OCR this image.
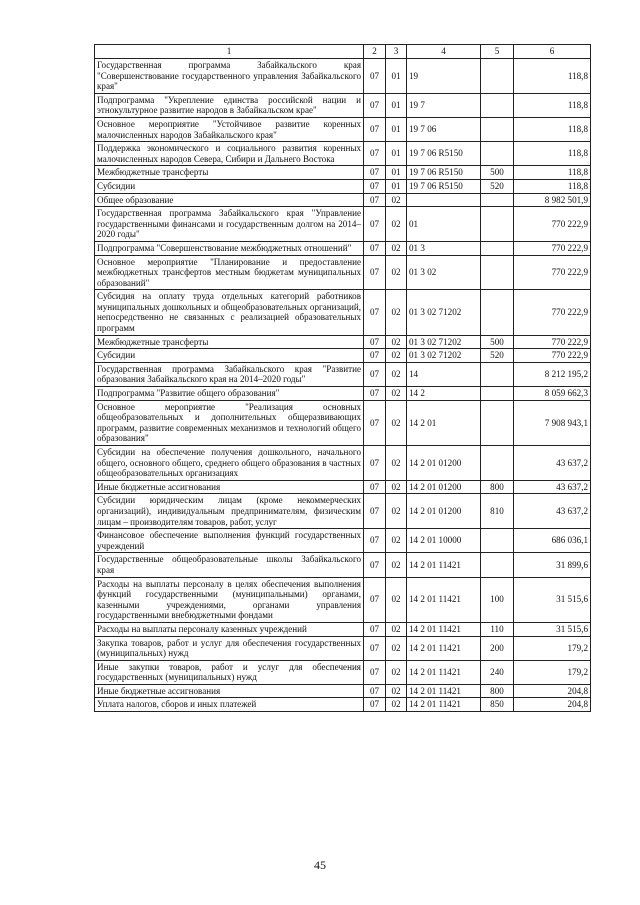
1	2	3	4	5	6
Государственная программа Забайкальского края "Совершенствование государственного управления Забайкальского края"	07	01	19		118,8
Подпрограмма "Укрепление единства российской нации и этнокультурное развитие народов в Забайкальском крае"	07	01	19 7		118,8
Основное мероприятие "Устойчивое развитие коренных малочисленных народов Забайкальского края"	07	01	19 7 06		118,8
Поддержка экономического и социального развития коренных малочисленных народов Севера, Сибири и Дальнего Востока	07	01	19 7 06 R5150		118,8
Межбюджетные трансферты	07	01	19 7 06 R5150	500	118,8
Субсидии	07	01	19 7 06 R5150	520	118,8
Общее образование	07	02			8 982 501,9
Государственная программа Забайкальского края "Управление государственными финансами и государственным долгом на 2014–2020 годы"	07	02	01		770 222,9
Подпрограмма "Совершенствование межбюджетных отношений"	07	02	01 3		770 222,9
Основное мероприятие "Планирование и предоставление межбюджетных трансфертов местным бюджетам муниципальных образований"	07	02	01 3 02		770 222,9
Субсидия на оплату труда отдельных категорий работников муниципальных дошкольных и общеобразовательных организаций, непосредственно не связанных с реализацией образовательных программ	07	02	01 3 02 71202		770 222,9
Межбюджетные трансферты	07	02	01 3 02 71202	500	770 222,9
Субсидии	07	02	01 3 02 71202	520	770 222,9
Государственная программа Забайкальского края "Развитие образования Забайкальского края на 2014–2020 годы"	07	02	14		8 212 195,2
Подпрограмма "Развитие общего образования"	07	02	14 2		8 059 662,3
Основное мероприятие "Реализация основных общеобразовательных и дополнительных общеразвивающих программ, развитие современных механизмов и технологий общего образования"	07	02	14 2 01		7 908 943,1
Субсидии на обеспечение получения дошкольного, начального общего, основного общего, среднего общего образования в частных общеобразовательных организациях	07	02	14 2 01 01200		43 637,2
Иные бюджетные ассигнования	07	02	14 2 01 01200	800	43 637,2
Субсидии юридическим лицам (кроме некоммерческих организаций), индивидуальным предпринимателям, физическим лицам – производителям товаров, работ, услуг	07	02	14 2 01 01200	810	43 637,2
Финансовое обеспечение выполнения функций государственных учреждений	07	02	14 2 01 10000		686 036,1
Государственные общеобразовательные школы Забайкальского края	07	02	14 2 01 11421		31 899,6
Расходы на выплаты персоналу в целях обеспечения выполнения функций государственными (муниципальными) органами, казенными учреждениями, органами управления государственными внебюджетными фондами	07	02	14 2 01 11421	100	31 515,6
Расходы на выплаты персоналу казенных учреждений	07	02	14 2 01 11421	110	31 515,6
Закупка товаров, работ и услуг для обеспечения государственных (муниципальных) нужд	07	02	14 2 01 11421	200	179,2
Иные закупки товаров, работ и услуг для обеспечения государственных (муниципальных) нужд	07	02	14 2 01 11421	240	179,2
Иные бюджетные ассигнования	07	02	14 2 01 11421	800	204,8
Уплата налогов, сборов и иных платежей	07	02	14 2 01 11421	850	204,8
45
